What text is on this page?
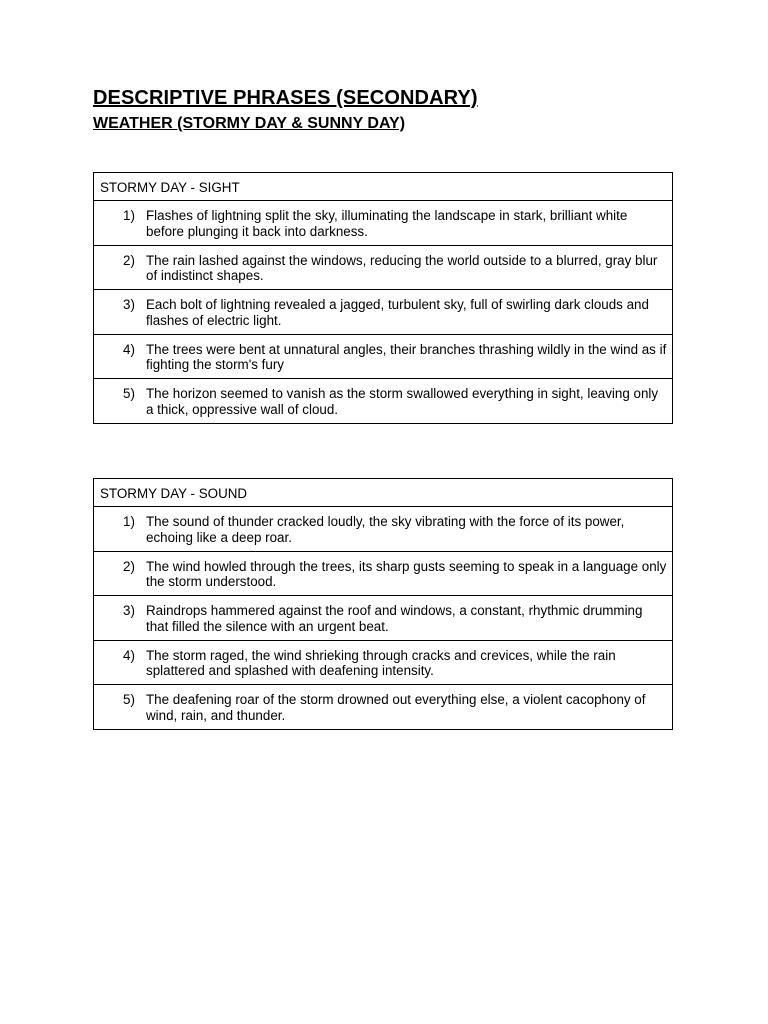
DESCRIPTIVE PHRASES (SECONDARY)
WEATHER (STORMY DAY & SUNNY DAY)
STORMY DAY - SIGHT

1) Flashes of lightning split the sky, illuminating the landscape in stark, brilliant white before plunging it back into darkness.

2) The rain lashed against the windows, reducing the world outside to a blurred, gray blur of indistinct shapes.

3) Each bolt of lightning revealed a jagged, turbulent sky, full of swirling dark clouds and flashes of electric light.

4) The trees were bent at unnatural angles, their branches thrashing wildly in the wind as if fighting the storm's fury

5) The horizon seemed to vanish as the storm swallowed everything in sight, leaving only a thick, oppressive wall of cloud.
STORMY DAY - SOUND

1) The sound of thunder cracked loudly, the sky vibrating with the force of its power, echoing like a deep roar.

2) The wind howled through the trees, its sharp gusts seeming to speak in a language only the storm understood.

3) Raindrops hammered against the roof and windows, a constant, rhythmic drumming that filled the silence with an urgent beat.

4) The storm raged, the wind shrieking through cracks and crevices, while the rain splattered and splashed with deafening intensity.

5) The deafening roar of the storm drowned out everything else, a violent cacophony of wind, rain, and thunder.
